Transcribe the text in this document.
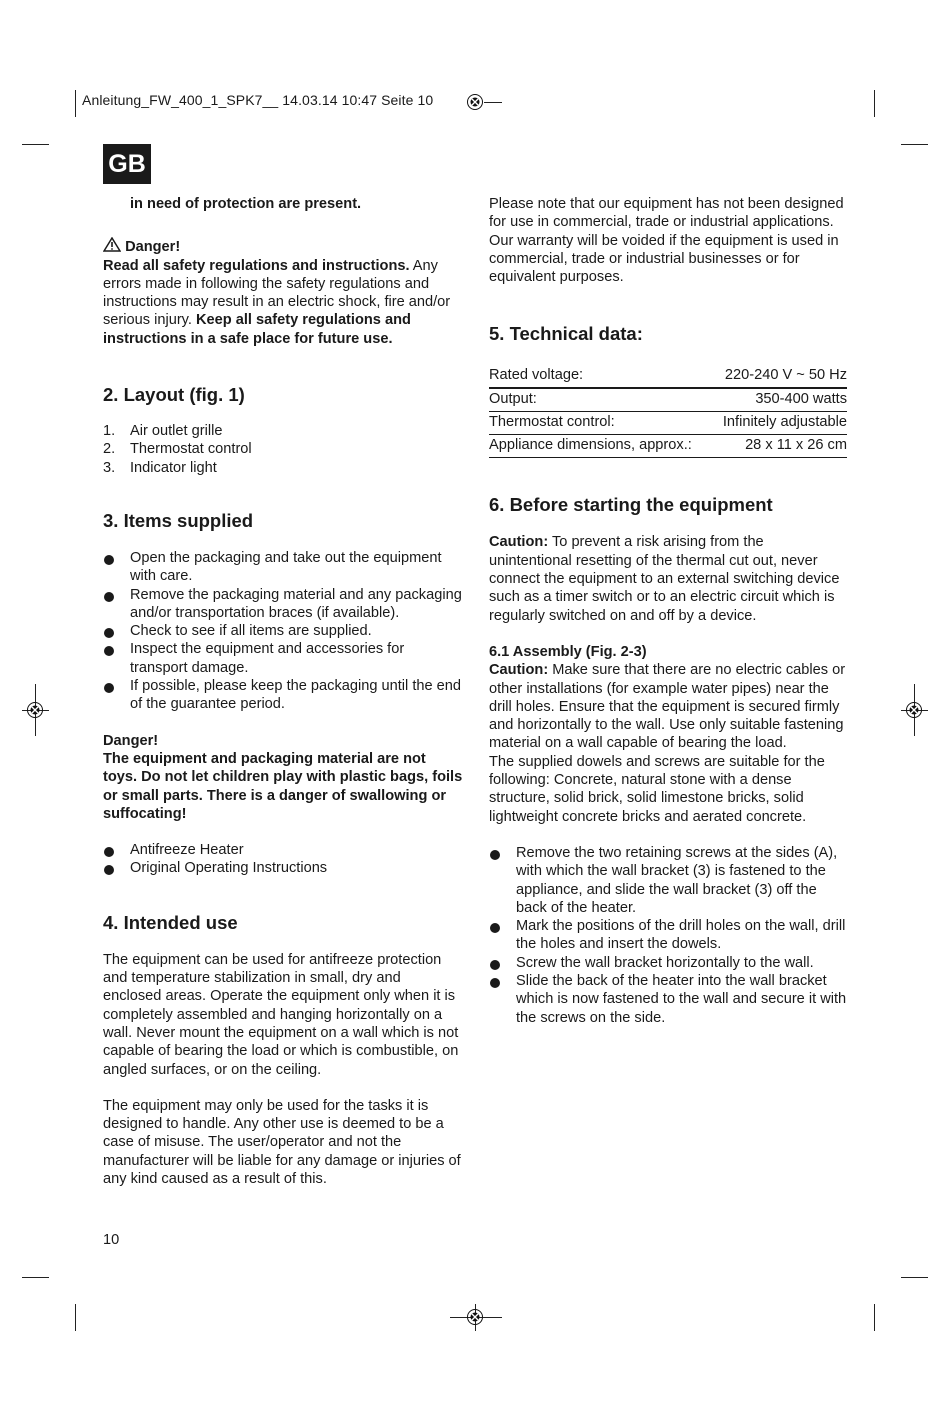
Anleitung_FW_400_1_SPK7__ 14.03.14 10:47 Seite 10
GB

in need of protection are present.

Danger!

Read all safety regulations and instructions. Any errors made in following the safety regulations and instructions may result in an electric shock, fire and/or serious injury. Keep all safety regulations and instructions in a safe place for future use.

2. Layout (fig. 1)
1.	Air outlet grille
2.	Thermostat control
3.	Indicator light
3. Items supplied
Open the packaging and take out the equipment with care.
Remove the packaging material and any packaging and/or transportation braces (if available).
Check to see if all items are supplied.
Inspect the equipment and accessories for transport damage.
If possible, please keep the packaging until the end of the guarantee period.

Danger!

The equipment and packaging material are not toys. Do not let children play with plastic bags, foils or small parts. There is a danger of swallowing or suffocating!

Antifreeze Heater
Original Operating Instructions
4. Intended use

The equipment can be used for antifreeze protection and temperature stabilization in small, dry and enclosed areas. Operate the equipment only when it is completely assembled and hanging horizontally on a wall. Never mount the equipment on a wall which is not capable of bearing the load or which is combustible, on angled surfaces, or on the ceiling.

The equipment may only be used for the tasks it is designed to handle. Any other use is deemed to be a case of misuse. The user/operator and not the manufacturer will be liable for any damage or injuries of any kind caused as a result of this.

Please note that our equipment has not been designed for use in commercial, trade or industrial applications. Our warranty will be voided if the equipment is used in commercial, trade or industrial businesses or for equivalent purposes.

5. Technical data:
Rated voltage:	220-240 V ~ 50 Hz
Output:	350-400 watts
Thermostat control:	Infinitely adjustable
Appliance dimensions, approx.:	28 x 11 x 26 cm
6. Before starting the equipment

Caution: To prevent a risk arising from the unintentional resetting of the thermal cut out, never connect the equipment to an external switching device such as a timer switch or to an electric circuit which is regularly switched on and off by a device.

6.1 Assembly (Fig. 2-3)

Caution: Make sure that there are no electric cables or other installations (for example water pipes) near the drill holes. Ensure that the equipment is secured firmly and horizontally to the wall. Use only suitable fastening material on a wall capable of bearing the load.

The supplied dowels and screws are suitable for the following: Concrete, natural stone with a dense structure, solid brick, solid limestone bricks, solid lightweight concrete bricks and aerated concrete.

Remove the two retaining screws at the sides (A), with which the wall bracket (3) is fastened to the appliance, and slide the wall bracket (3) off the back of the heater.
Mark the positions of the drill holes on the wall, drill the holes and insert the dowels.
Screw the wall bracket horizontally to the wall.
Slide the back of the heater into the wall bracket which is now fastened to the wall and secure it with the screws on the side.
10
